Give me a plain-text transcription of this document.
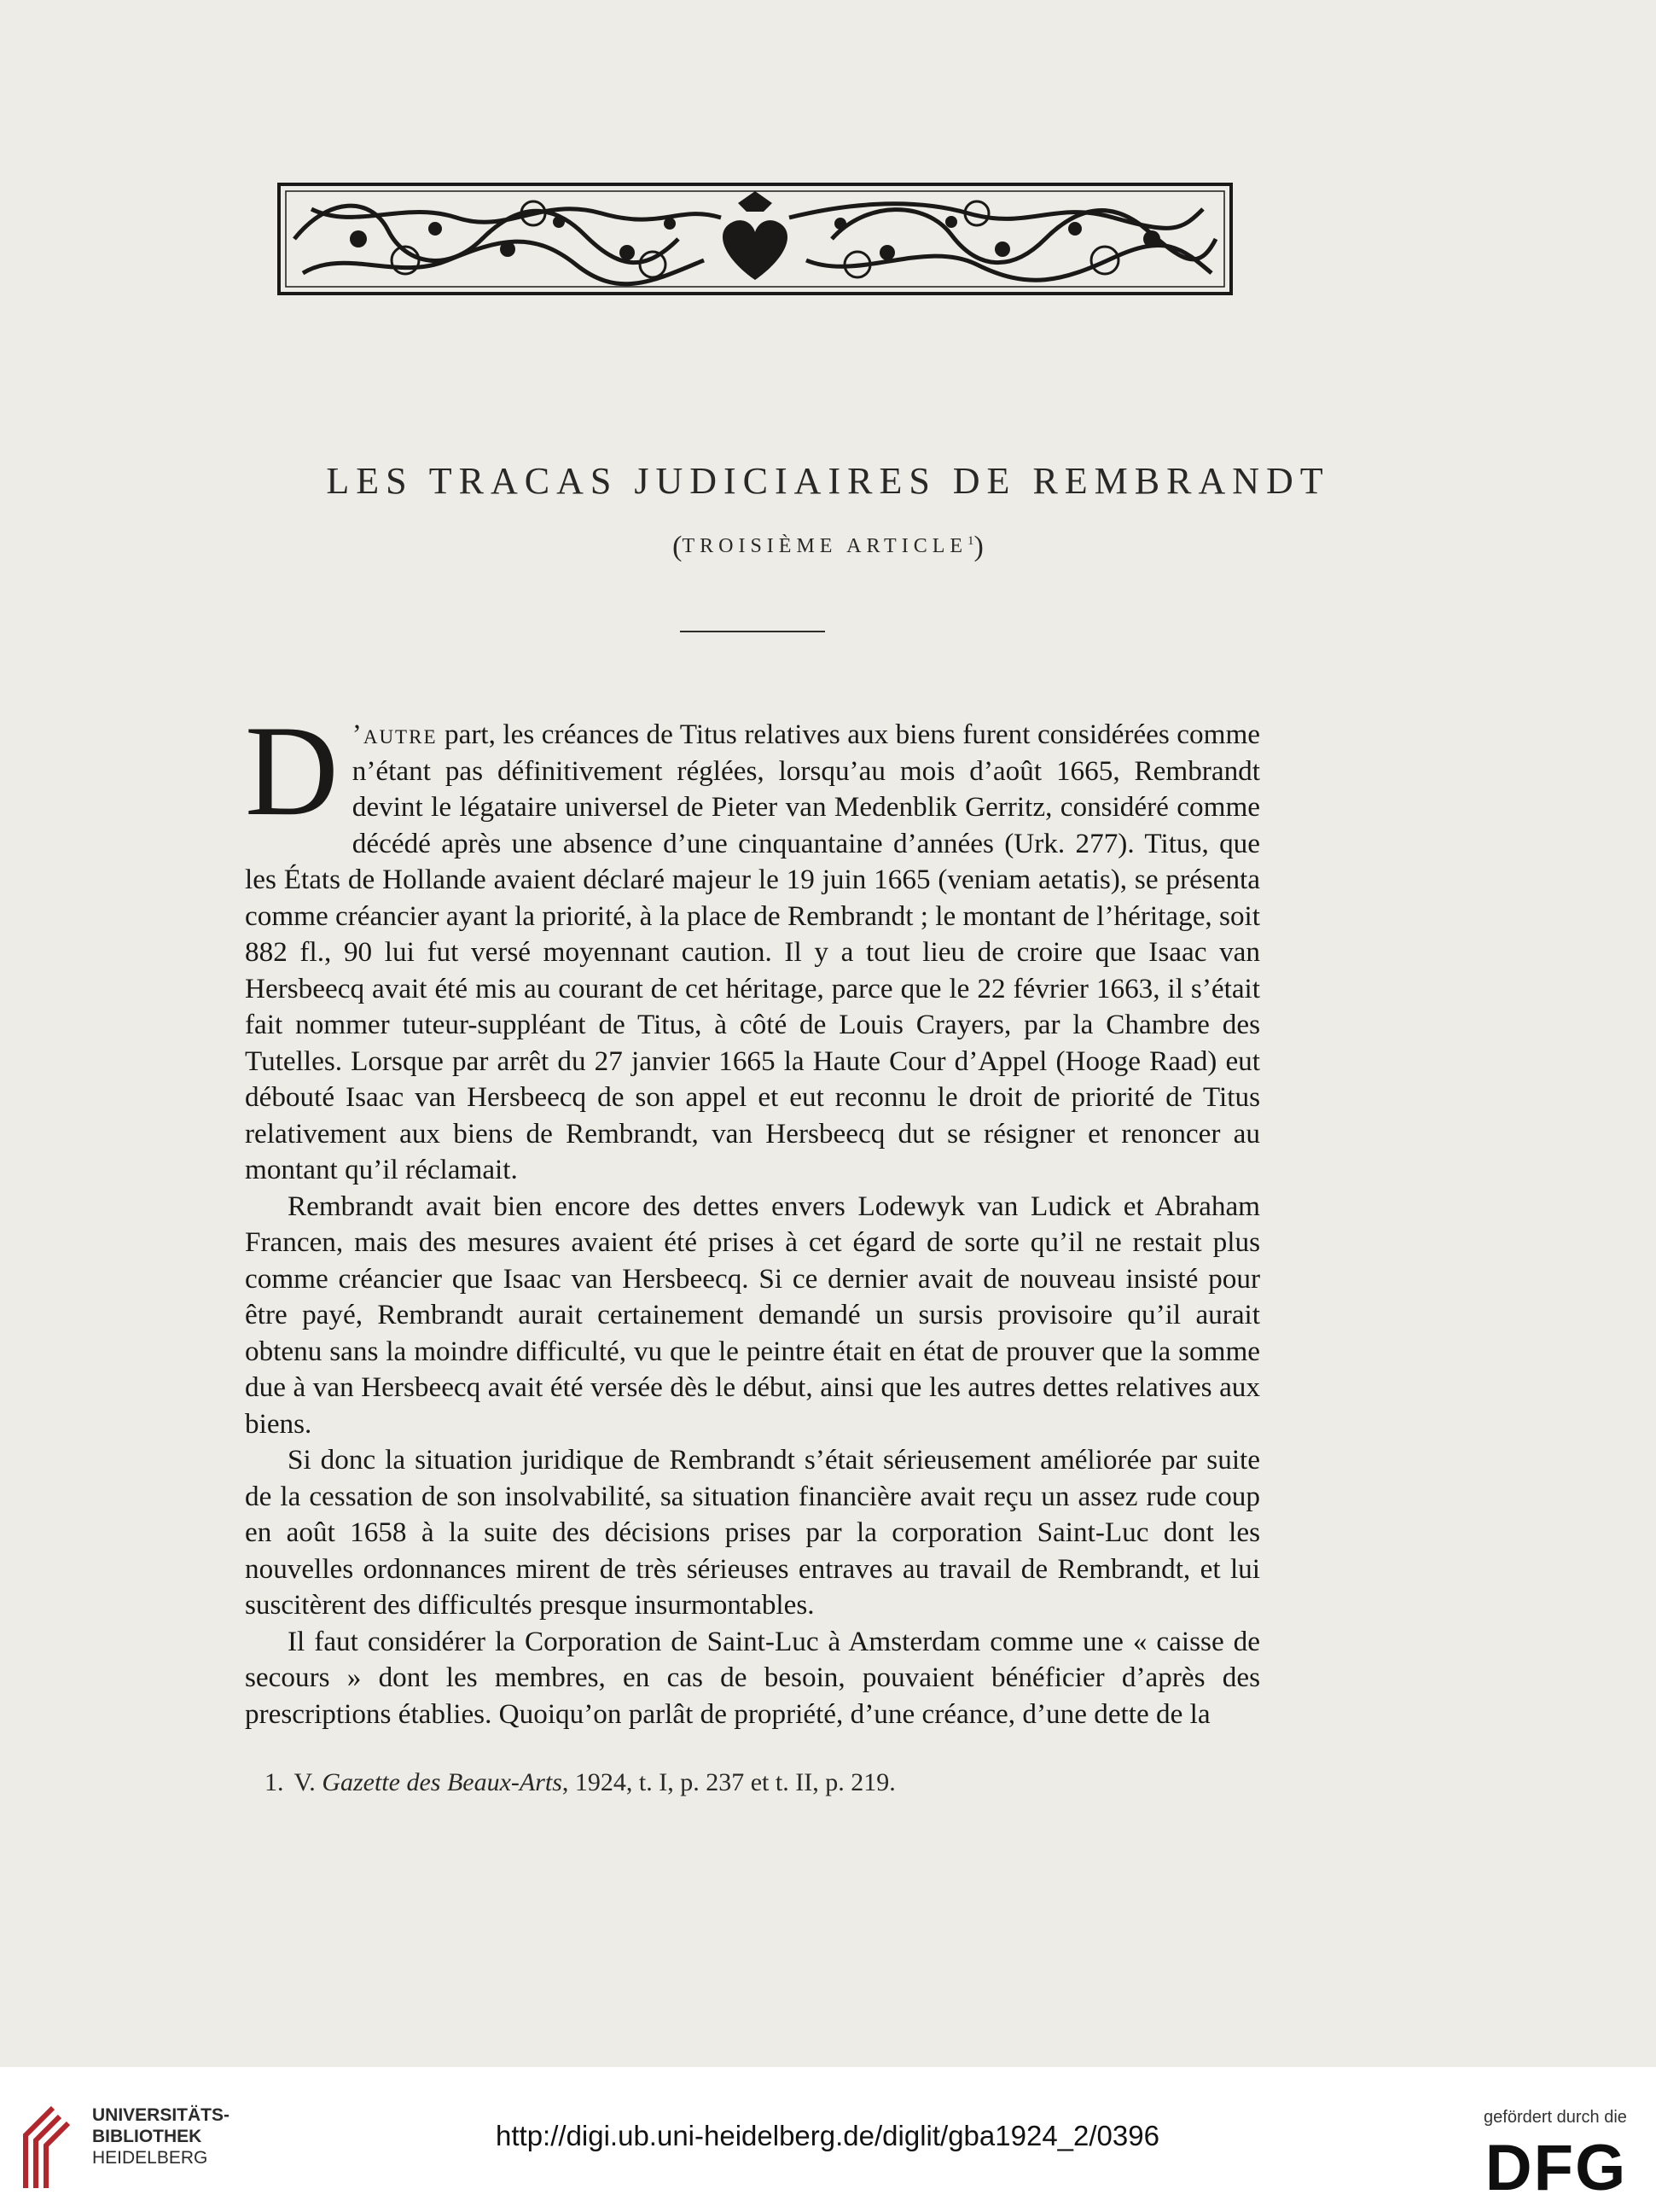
LES TRACAS JUDICIAIRES DE REMBRANDT
(TROISIÈME ARTICLE$^1$)

D ’autre part, les créances de Titus relatives aux biens furent considérées comme n’étant pas définitivement réglées, lorsqu’au mois d’août 1665, Rembrandt devint le légataire universel de Pieter van Medenblik Gerritz, considéré comme décédé après une absence d’une cinquantaine d’années (Urk. 277). Titus, que les États de Hollande avaient déclaré majeur le 19 juin 1665 (veniam aetatis), se présenta comme créancier ayant la priorité, à la place de Rembrandt ; le montant de l’héritage, soit 882 fl., 90 lui fut versé moyennant caution. Il y a tout lieu de croire que Isaac van Hersbeecq avait été mis au courant de cet héritage, parce que le 22 février 1663, il s’était fait nommer tuteur-suppléant de Titus, à côté de Louis Crayers, par la Chambre des Tutelles. Lorsque par arrêt du 27 janvier 1665 la Haute Cour d’Appel (Hooge Raad) eut débouté Isaac van Hersbeecq de son appel et eut reconnu le droit de priorité de Titus relativement aux biens de Rembrandt, van Hersbeecq dut se résigner et renoncer au montant qu’il réclamait.

Rembrandt avait bien encore des dettes envers Lodewyk van Ludick et Abraham Francen, mais des mesures avaient été prises à cet égard de sorte qu’il ne restait plus comme créancier que Isaac van Hersbeecq. Si ce dernier avait de nouveau insisté pour être payé, Rembrandt aurait certainement demandé un sursis provisoire qu’il aurait obtenu sans la moindre difficulté, vu que le peintre était en état de prouver que la somme due à van Hersbeecq avait été versée dès le début, ainsi que les autres dettes relatives aux biens.

Si donc la situation juridique de Rembrandt s’était sérieusement améliorée par suite de la cessation de son insolvabilité, sa situation financière avait reçu un assez rude coup en août 1658 à la suite des décisions prises par la corporation Saint-Luc dont les nouvelles ordonnances mirent de très sérieuses entraves au travail de Rembrandt, et lui suscitèrent des difficultés presque insurmontables.

Il faut considérer la Corporation de Saint-Luc à Amsterdam comme une « caisse de secours » dont les membres, en cas de besoin, pouvaient bénéficier d’après des prescriptions établies. Quoiqu’on parlât de propriété, d’une créance, d’une dette de la

1. V. Gazette des Beaux-Arts, 1924, t. I, p. 237 et t. II, p. 219.
UNIVERSITÄTS-
BIBLIOTHEK
HEIDELBERG
http://digi.ub.uni-heidelberg.de/diglit/gba1924_2/0396
gefördert durch die
DFG
